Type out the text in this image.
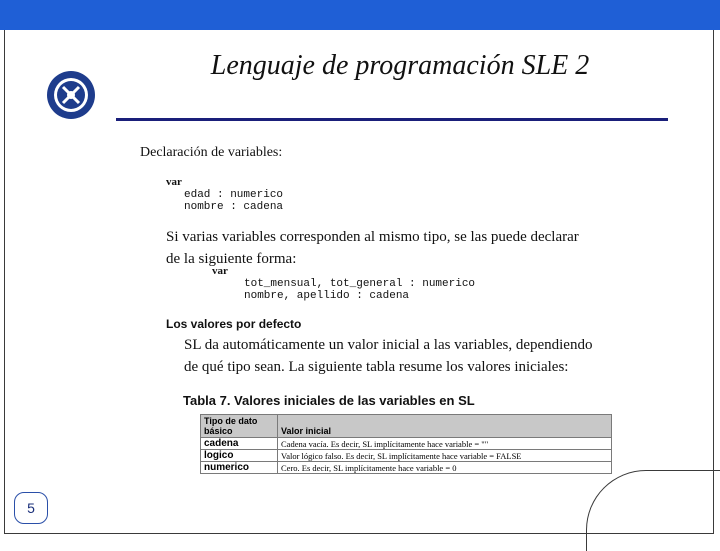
Lenguaje de programación SLE 2
Declaración de variables:
var
edad : numerico
nombre : cadena
Si varias variables corresponden al mismo tipo, se las puede declarar de la siguiente forma:
var
tot_mensual, tot_general : numerico
nombre, apellido : cadena
Los valores por defecto
SL da automáticamente un valor inicial a las variables, dependiendo de qué tipo sean. La siguiente tabla resume los valores iniciales:
Tabla 7. Valores iniciales de las variables en SL
Tipo de dato
básico	Valor inicial
cadena	Cadena vacía. Es decir, SL implícitamente hace variable = ""
logico	Valor lógico falso. Es decir, SL implícitamente hace variable = FALSE
numerico	Cero. Es decir, SL implícitamente hace variable = 0
5
